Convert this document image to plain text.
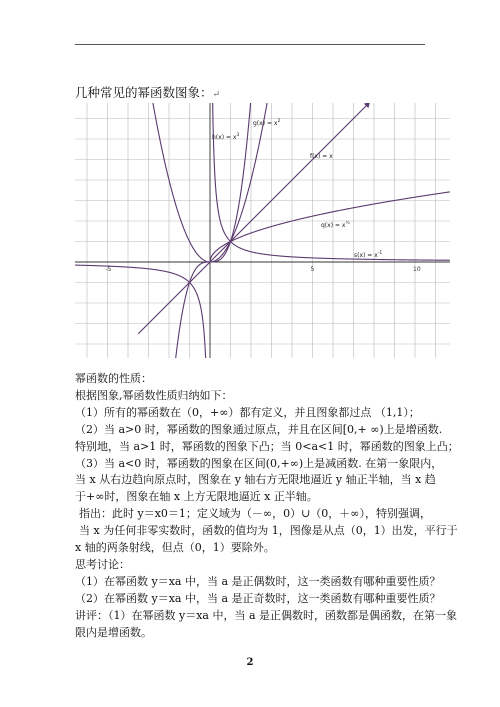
几种常见的幂函数图象：↵
-5	5	10
$h(x) = x^3$
$g(x) = x^2$
f(x) = x
$q(x) = x^{\frac{1}{2}}$
$s(x) = x^{-1}$
幂函数的性质：
根据图象,幂函数性质归纳如下：
（1）所有的幂函数在（0，+∞）都有定义，并且图象都过点 （1,1）；
（2）当 a>0 时，幂函数的图象通过原点，并且在区间[0,+ ∞)上是增函数.
特别地，当 a>1 时，幂函数的图象下凸；当 0<a<1 时，幂函数的图象上凸；
（3）当 a<0 时，幂函数的图象在区间(0,+∞)上是减函数. 在第一象限内，
当 x 从右边趋向原点时，图象在 y 轴右方无限地逼近 y 轴正半轴，当 x 趋
于+∞时，图象在轴 x 上方无限地逼近 x 正半轴。
指出：此时 y＝x0＝1；定义域为（－∞，0）∪（0，＋∞），特别强调，
当 x 为任何非零实数时，函数的值均为 1，图像是从点（0，1）出发，平行于
x 轴的两条射线，但点（0，1）要除外。
思考讨论：
（1）在幂函数 y＝xa 中，当 a 是正偶数时，这一类函数有哪种重要性质？
（2）在幂函数 y＝xa 中，当 a 是正奇数时，这一类函数有哪种重要性质？
讲评：（1）在幂函数 y＝xa 中，当 a 是正偶数时，函数都是偶函数，在第一象
限内是增函数。
2
